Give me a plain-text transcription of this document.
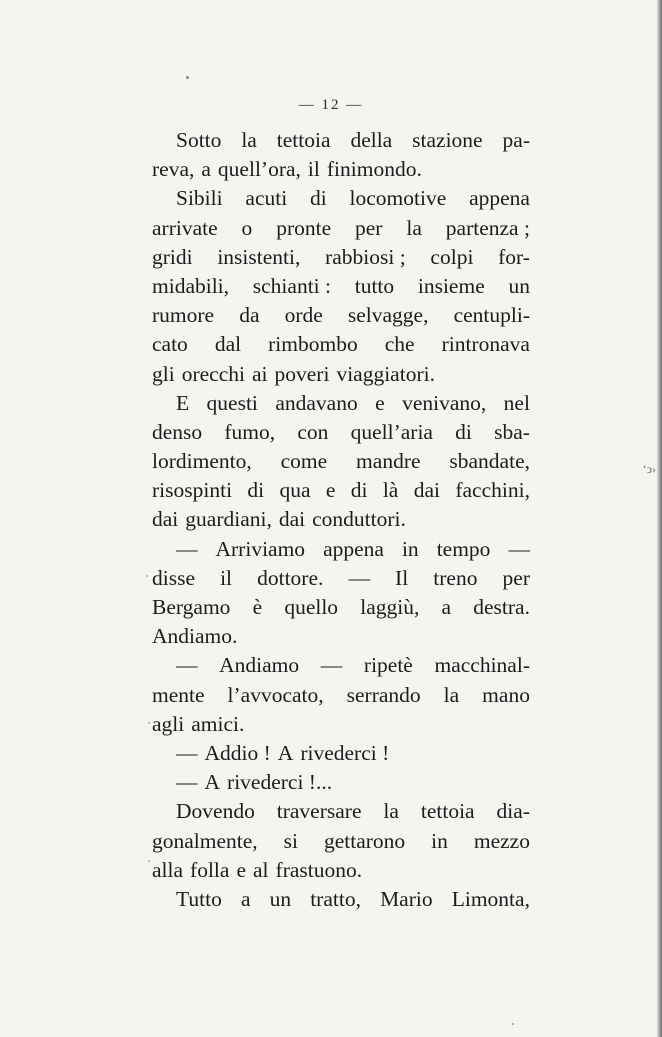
— 12 —
Sotto la tettoia della stazione pa-
reva, a quell’ora, il finimondo.
Sibili acuti di locomotive appena
arrivate o pronte per la partenza ;
gridi insistenti, rabbiosi ; colpi for-
midabili, schianti : tutto insieme un
rumore da orde selvagge, centupli-
cato dal rimbombo che rintronava
gli orecchi ai poveri viaggiatori.
E questi andavano e venivano, nel
denso fumo, con quell’aria di sba-
lordimento, come mandre sbandate,
risospinti di qua e di là dai facchini,
dai guardiani, dai conduttori.
— Arriviamo appena in tempo —
disse il dottore. — Il treno per
Bergamo è quello laggiù, a destra.
Andiamo.
— Andiamo — ripetè macchinal-
mente l’avvocato, serrando la mano
agli amici.
— Addio ! A rivederci !
— A rivederci !...
Dovendo traversare la tettoia dia-
gonalmente, si gettarono in mezzo
alla folla e al frastuono.
Tutto a un tratto, Mario Limonta,
‘ↄ›
